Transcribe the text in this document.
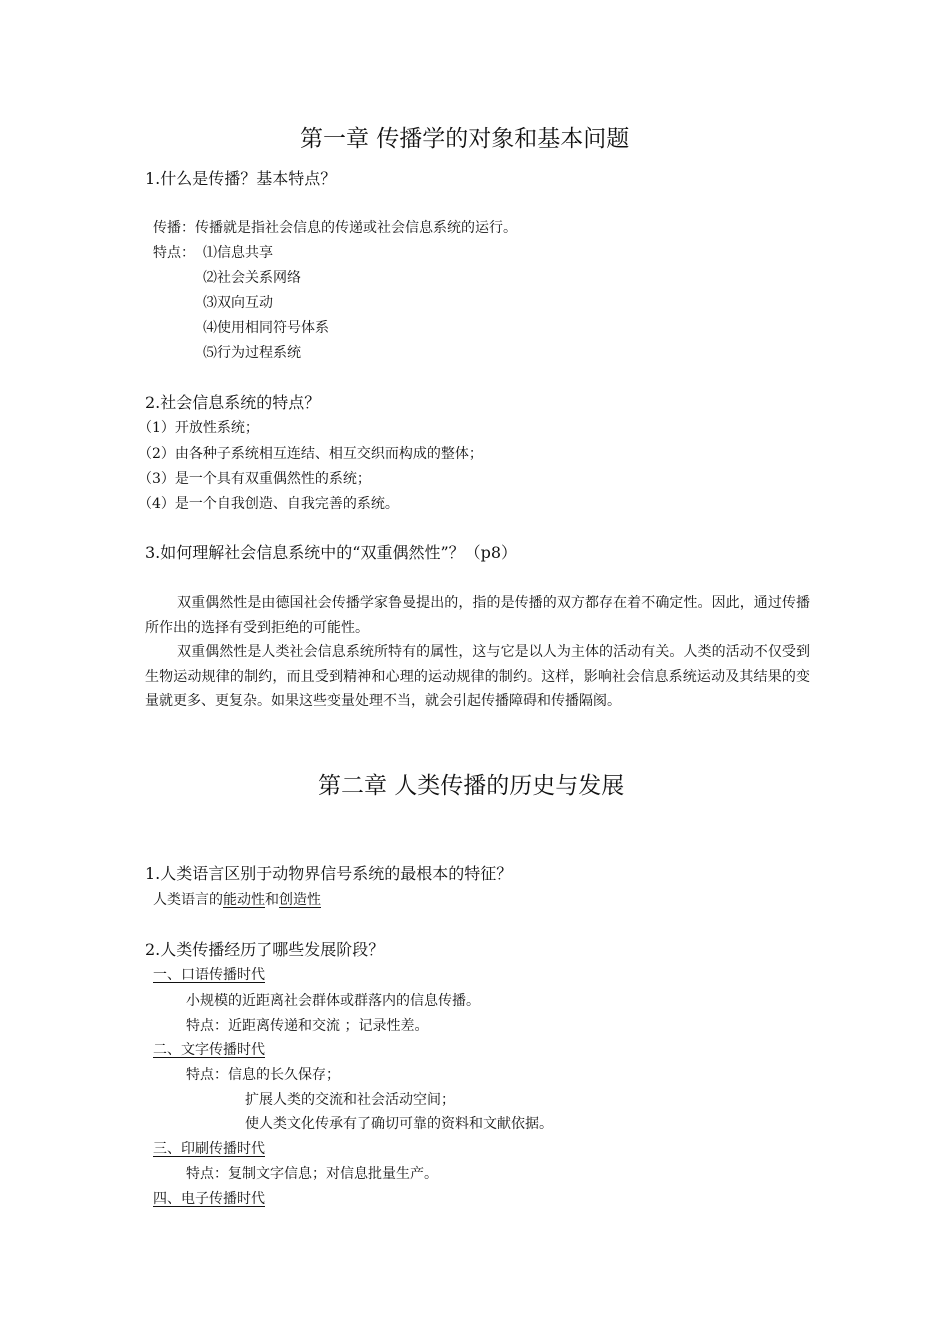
第一章 传播学的对象和基本问题
1.什么是传播？基本特点？
传播：传播就是指社会信息的传递或社会信息系统的运行。
特点： ⑴信息共享
⑵社会关系网络
⑶双向互动
⑷使用相同符号体系
⑸行为过程系统
2.社会信息系统的特点？
（1）开放性系统；
（2）由各种子系统相互连结、相互交织而构成的整体；
（3）是一个具有双重偶然性的系统；
（4）是一个自我创造、自我完善的系统。
3.如何理解社会信息系统中的“双重偶然性”？（p8）
双重偶然性是由德国社会传播学家鲁曼提出的，指的是传播的双方都存在着不确定性。因此，通过传播所作出的选择有受到拒绝的可能性。
双重偶然性是人类社会信息系统所特有的属性，这与它是以人为主体的活动有关。人类的活动不仅受到生物运动规律的制约，而且受到精神和心理的运动规律的制约。这样，影响社会信息系统运动及其结果的变量就更多、更复杂。如果这些变量处理不当，就会引起传播障碍和传播隔阂。
第二章 人类传播的历史与发展
1.人类语言区别于动物界信号系统的最根本的特征？
人类语言的能动性和创造性
2.人类传播经历了哪些发展阶段？
一、口语传播时代
小规模的近距离社会群体或群落内的信息传播。
特点：近距离传递和交流 ；记录性差。
二、文字传播时代
特点：信息的长久保存；
扩展人类的交流和社会活动空间；
使人类文化传承有了确切可靠的资料和文献依据。
三、印刷传播时代
特点：复制文字信息；对信息批量生产。
四、电子传播时代
